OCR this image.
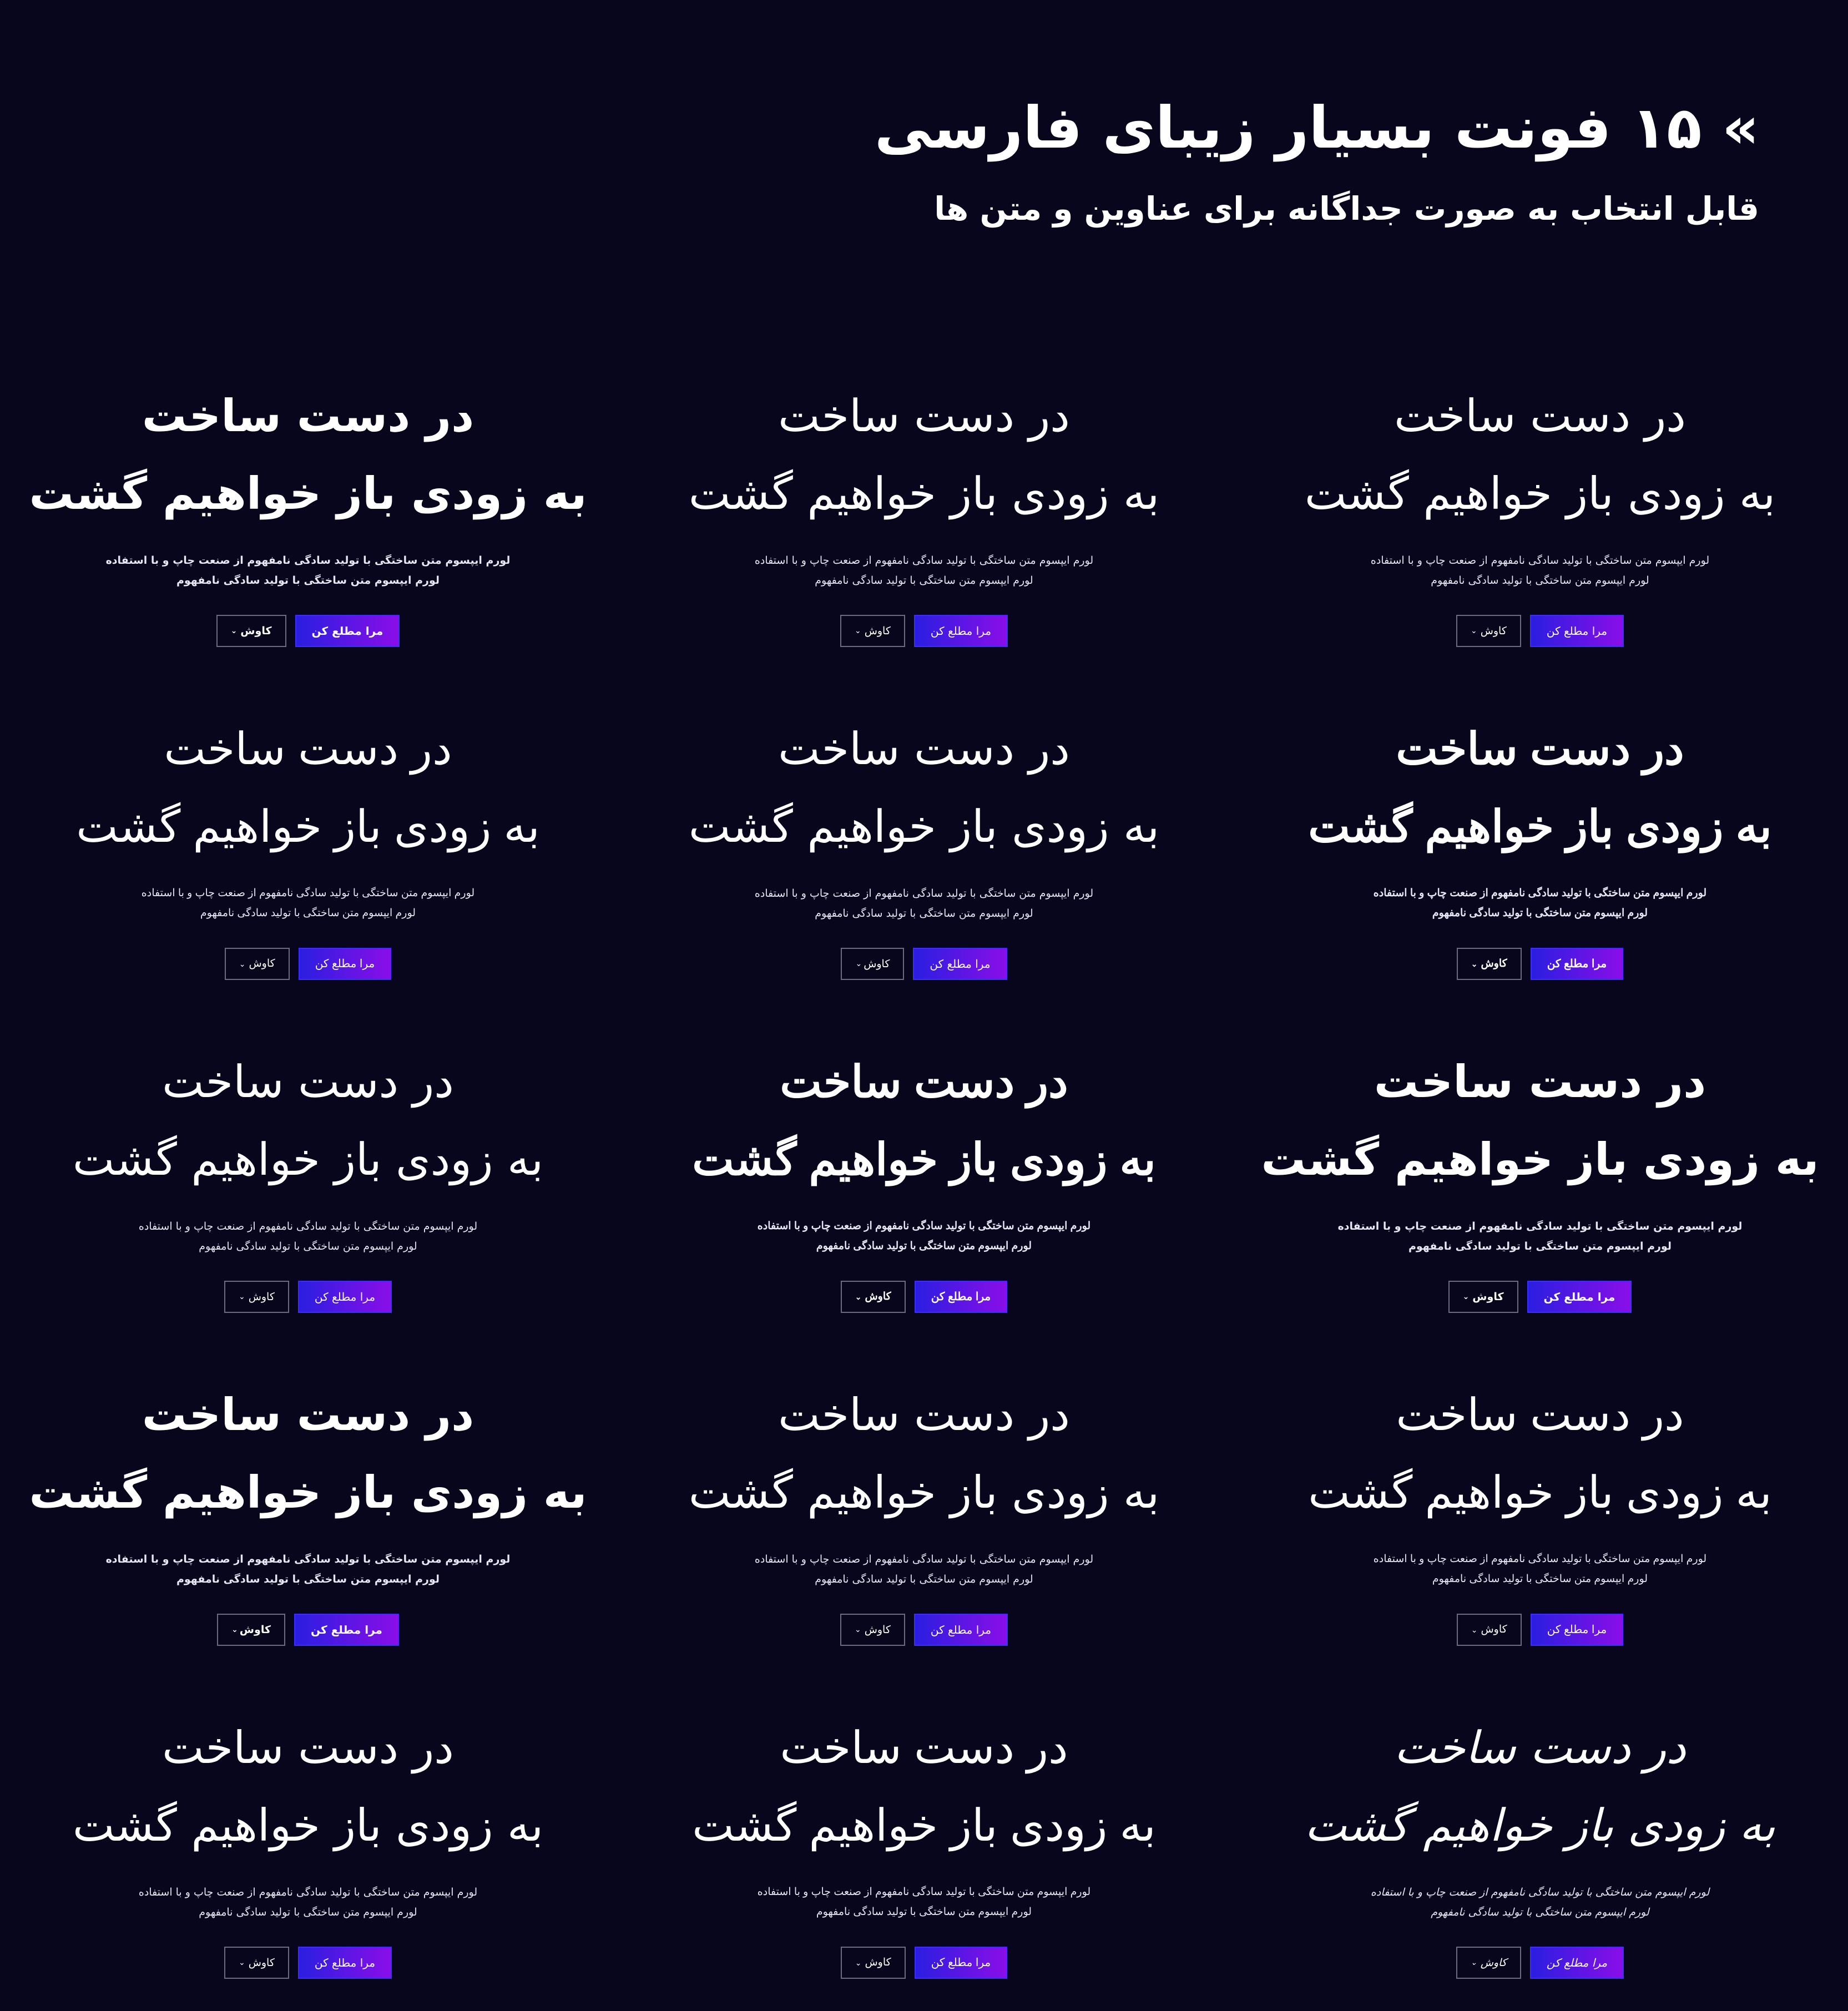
» ۱۵ فونت بسیار زیبای فارسی
قابل انتخاب به صورت جداگانه برای عناوین و متن ها
در دست ساخت
به زودی باز خواهیم گشت
لورم ایپسوم متن ساختگی با تولید سادگی نامفهوم از صنعت چاپ و با استفاده
لورم ایپسوم متن ساختگی با تولید سادگی نامفهوم
مرا مطلع کن
کاوش
⌄
در دست ساخت
به زودی باز خواهیم گشت
لورم ایپسوم متن ساختگی با تولید سادگی نامفهوم از صنعت چاپ و با استفاده
لورم ایپسوم متن ساختگی با تولید سادگی نامفهوم
مرا مطلع کن
کاوش
⌄
در دست ساخت
به زودی باز خواهیم گشت
لورم ایپسوم متن ساختگی با تولید سادگی نامفهوم از صنعت چاپ و با استفاده
لورم ایپسوم متن ساختگی با تولید سادگی نامفهوم
مرا مطلع کن
کاوش
⌄
در دست ساخت
به زودی باز خواهیم گشت
لورم ایپسوم متن ساختگی با تولید سادگی نامفهوم از صنعت چاپ و با استفاده
لورم ایپسوم متن ساختگی با تولید سادگی نامفهوم
مرا مطلع کن
کاوش
⌄
در دست ساخت
به زودی باز خواهیم گشت
لورم ایپسوم متن ساختگی با تولید سادگی نامفهوم از صنعت چاپ و با استفاده
لورم ایپسوم متن ساختگی با تولید سادگی نامفهوم
مرا مطلع کن
کاوش
⌄
در دست ساخت
به زودی باز خواهیم گشت
لورم ایپسوم متن ساختگی با تولید سادگی نامفهوم از صنعت چاپ و با استفاده
لورم ایپسوم متن ساختگی با تولید سادگی نامفهوم
مرا مطلع کن
کاوش
⌄
در دست ساخت
به زودی باز خواهیم گشت
لورم ایپسوم متن ساختگی با تولید سادگی نامفهوم از صنعت چاپ و با استفاده
لورم ایپسوم متن ساختگی با تولید سادگی نامفهوم
مرا مطلع کن
کاوش
⌄
در دست ساخت
به زودی باز خواهیم گشت
لورم ایپسوم متن ساختگی با تولید سادگی نامفهوم از صنعت چاپ و با استفاده
لورم ایپسوم متن ساختگی با تولید سادگی نامفهوم
مرا مطلع کن
کاوش
⌄
در دست ساخت
به زودی باز خواهیم گشت
لورم ایپسوم متن ساختگی با تولید سادگی نامفهوم از صنعت چاپ و با استفاده
لورم ایپسوم متن ساختگی با تولید سادگی نامفهوم
مرا مطلع کن
کاوش
⌄
در دست ساخت
به زودی باز خواهیم گشت
لورم ایپسوم متن ساختگی با تولید سادگی نامفهوم از صنعت چاپ و با استفاده
لورم ایپسوم متن ساختگی با تولید سادگی نامفهوم
مرا مطلع کن
کاوش
⌄
در دست ساخت
به زودی باز خواهیم گشت
لورم ایپسوم متن ساختگی با تولید سادگی نامفهوم از صنعت چاپ و با استفاده
لورم ایپسوم متن ساختگی با تولید سادگی نامفهوم
مرا مطلع کن
کاوش
⌄
در دست ساخت
به زودی باز خواهیم گشت
لورم ایپسوم متن ساختگی با تولید سادگی نامفهوم از صنعت چاپ و با استفاده
لورم ایپسوم متن ساختگی با تولید سادگی نامفهوم
مرا مطلع کن
کاوش
⌄
در دست ساخت
به زودی باز خواهیم گشت
لورم ایپسوم متن ساختگی با تولید سادگی نامفهوم از صنعت چاپ و با استفاده
لورم ایپسوم متن ساختگی با تولید سادگی نامفهوم
مرا مطلع کن
کاوش
⌄
در دست ساخت
به زودی باز خواهیم گشت
لورم ایپسوم متن ساختگی با تولید سادگی نامفهوم از صنعت چاپ و با استفاده
لورم ایپسوم متن ساختگی با تولید سادگی نامفهوم
مرا مطلع کن
کاوش
⌄
در دست ساخت
به زودی باز خواهیم گشت
لورم ایپسوم متن ساختگی با تولید سادگی نامفهوم از صنعت چاپ و با استفاده
لورم ایپسوم متن ساختگی با تولید سادگی نامفهوم
مرا مطلع کن
کاوش
⌄
